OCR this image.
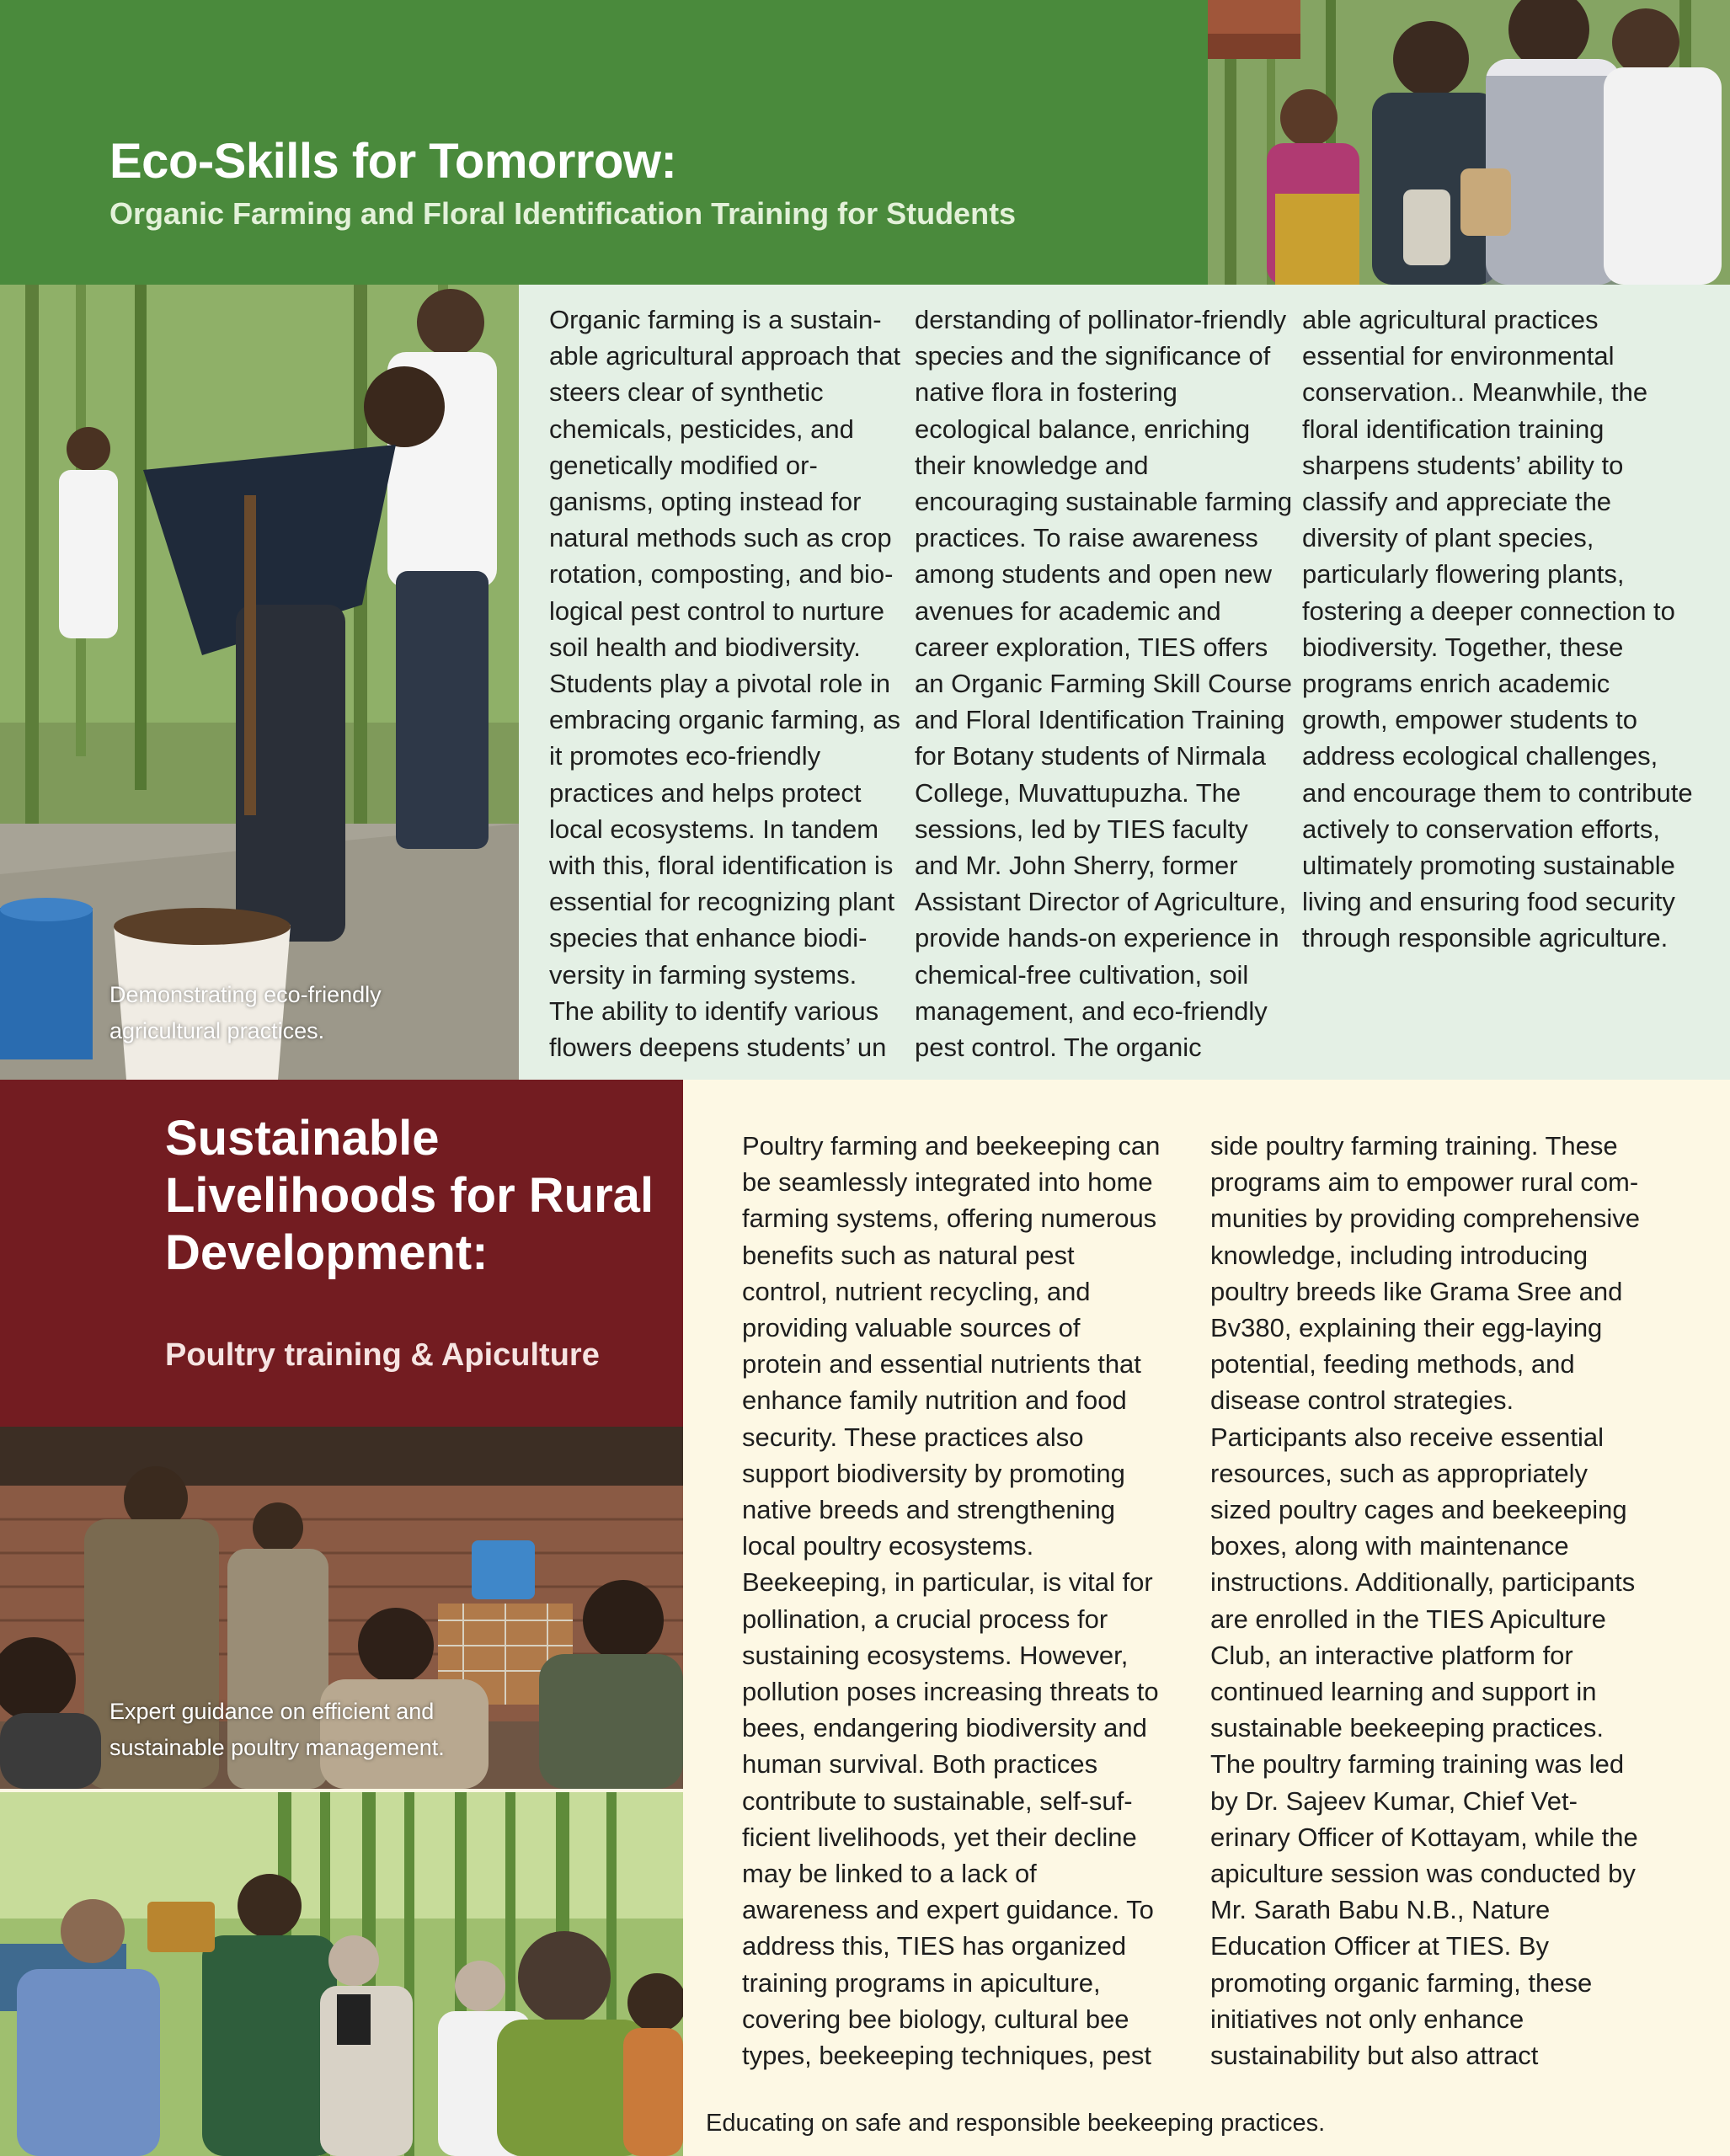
Eco-Skills for Tomorrow:
Organic Farming and Floral Identification Training for Students

Demonstrating eco-friendly agricultural practices.

Organic farming is a sustainable agricultural approach that steers clear of synthetic chemicals, pesticides, and genetically modified organisms, opting instead for natural methods such as crop rotation, composting, and biological pest control to nurture soil health and biodiversity. Students play a pivotal role in embracing organic farming, as it promotes eco-friendly practices and helps protect local ecosystems. In tandem with this, floral identification is essential for recognizing plant species that enhance biodiversity in farming systems. The ability to identify various flowers deepens students’ un

derstanding of pollinator-friendly species and the significance of native flora in fostering ecological balance, enriching their knowledge and encouraging sustainable farming practices. To raise awareness among students and open new avenues for academic and career exploration, TIES offers an Organic Farming Skill Course and Floral Identification Training for Botany students of Nirmala College, Muvattupuzha. The sessions, led by TIES faculty and Mr. John Sherry, former Assistant Director of Agriculture, provide hands-on experience in chemical-free cultivation, soil management, and eco-friendly pest control. The organic

able agricultural practices essential for environmental conservation.. Meanwhile, the floral identification training sharpens students’ ability to classify and appreciate the diversity of plant species, particularly flowering plants, fostering a deeper connection to biodiversity. Together, these programs enrich academic growth, empower students to address ecological challenges, and encourage them to contribute actively to conservation efforts, ultimately promoting sustainable living and ensuring food security through responsible agriculture.

Sustainable Livelihoods for Rural Development:
Poultry training & Apiculture

Expert guidance on efficient and sustainable poultry management.

Poultry farming and beekeeping can be seamlessly integrated into home farming systems, offering numerous benefits such as natural pest control, nutrient recycling, and providing valuable sources of protein and essential nutrients that enhance family nutrition and food security. These practices also support biodiversity by promoting native breeds and strengthening local poultry ecosystems. Beekeeping, in particular, is vital for pollination, a crucial process for sustaining ecosystems. However, pollution poses increasing threats to bees, endangering biodiversity and human survival. Both practices contribute to sustainable, self-sufficient livelihoods, yet their decline may be linked to a lack of awareness and expert guidance. To address this, TIES has organized training programs in apiculture, covering bee biology, cultural bee types, beekeeping techniques, pest

side poultry farming training. These programs aim to empower rural communities by providing comprehensive knowledge, including introducing poultry breeds like Grama Sree and Bv380, explaining their egg-laying potential, feeding methods, and disease control strategies. Participants also receive essential resources, such as appropriately sized poultry cages and beekeeping boxes, along with maintenance instructions. Additionally, participants are enrolled in the TIES Apiculture Club, an interactive platform for continued learning and support in sustainable beekeeping practices. The poultry farming training was led by Dr. Sajeev Kumar, Chief Veterinary Officer of Kottayam, while the apiculture session was conducted by Mr. Sarath Babu N.B., Nature Education Officer at TIES. By promoting organic farming, these initiatives not only enhance sustainability but also attract

Educating on safe and responsible beekeeping practices.
